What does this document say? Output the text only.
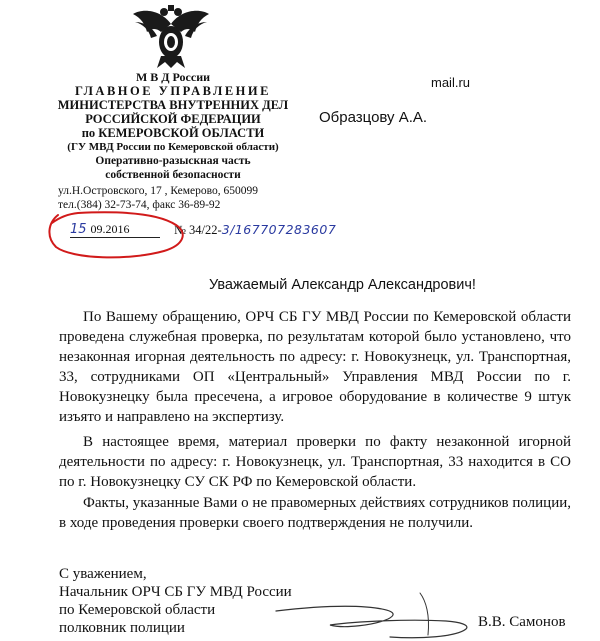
М В Д России
ГЛАВНОЕ УПРАВЛЕНИЕ
МИНИСТЕРСТВА ВНУТРЕННИХ ДЕЛ
РОССИЙСКОЙ ФЕДЕРАЦИИ
по КЕМЕРОВСКОЙ ОБЛАСТИ
(ГУ МВД России по Кемеровской области)
Оперативно-разыскная часть
собственной безопасности
ул.Н.Островского, 17 , Кемерово, 650099
тел.(384) 32-73-74, факс 36-89-92
mail.ru
Образцову А.А.
15 09.2016	№ 34/22-3/167707283607
Уважаемый Александр Александрович!
По Вашему обращению, ОРЧ СБ ГУ МВД России по Кемеровской области проведена служебная проверка, по результатам которой было установлено, что незаконная игорная деятельность по адресу: г. Новокузнецк, ул. Транспортная, 33, сотрудниками ОП «Центральный» Управления МВД России по г. Новокузнецку была пресечена, а игровое оборудование в количестве 9 штук изъято и направлено на экспертизу.
В настоящее время, материал проверки по факту незаконной игорной деятельности по адресу: г. Новокузнецк, ул. Транспортная, 33 находится в СО по г. Новокузнецку СУ СК РФ по Кемеровской области.
Факты, указанные Вами о не правомерных действиях сотрудников полиции, в ходе проведения проверки своего подтверждения не получили.
С уважением,
Начальник ОРЧ СБ ГУ МВД России
по Кемеровской области
полковник полиции	В.В. Самонов
